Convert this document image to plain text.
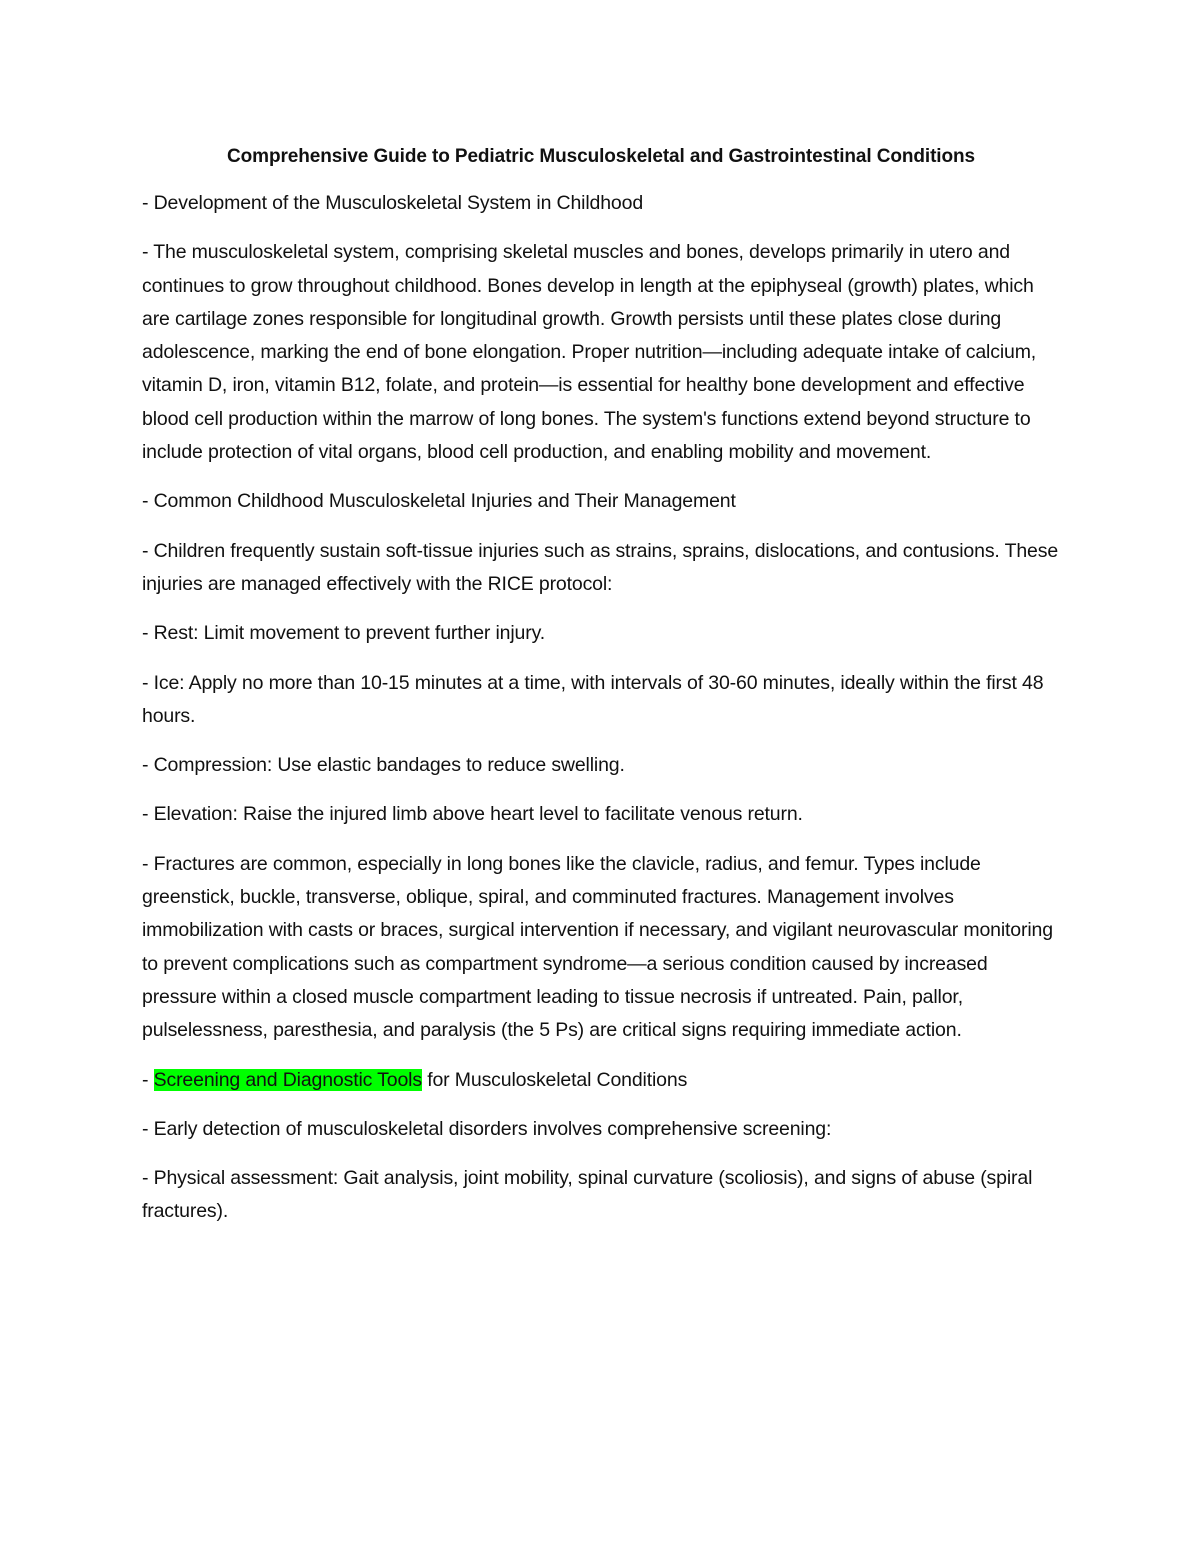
Comprehensive Guide to Pediatric Musculoskeletal and Gastrointestinal Conditions

- Development of the Musculoskeletal System in Childhood

- The musculoskeletal system, comprising skeletal muscles and bones, develops primarily in utero and continues to grow throughout childhood. Bones develop in length at the epiphyseal (growth) plates, which are cartilage zones responsible for longitudinal growth. Growth persists until these plates close during adolescence, marking the end of bone elongation. Proper nutrition—including adequate intake of calcium, vitamin D, iron, vitamin B12, folate, and protein—is essential for healthy bone development and effective blood cell production within the marrow of long bones. The system's functions extend beyond structure to include protection of vital organs, blood cell production, and enabling mobility and movement.

- Common Childhood Musculoskeletal Injuries and Their Management

- Children frequently sustain soft-tissue injuries such as strains, sprains, dislocations, and contusions. These injuries are managed effectively with the RICE protocol:

- Rest: Limit movement to prevent further injury.

- Ice: Apply no more than 10-15 minutes at a time, with intervals of 30-60 minutes, ideally within the first 48 hours.

- Compression: Use elastic bandages to reduce swelling.

- Elevation: Raise the injured limb above heart level to facilitate venous return.

- Fractures are common, especially in long bones like the clavicle, radius, and femur. Types include greenstick, buckle, transverse, oblique, spiral, and comminuted fractures. Management involves immobilization with casts or braces, surgical intervention if necessary, and vigilant neurovascular monitoring to prevent complications such as compartment syndrome—a serious condition caused by increased pressure within a closed muscle compartment leading to tissue necrosis if untreated. Pain, pallor, pulselessness, paresthesia, and paralysis (the 5 Ps) are critical signs requiring immediate action.

- Screening and Diagnostic Tools for Musculoskeletal Conditions

- Early detection of musculoskeletal disorders involves comprehensive screening:

- Physical assessment: Gait analysis, joint mobility, spinal curvature (scoliosis), and signs of abuse (spiral fractures).
